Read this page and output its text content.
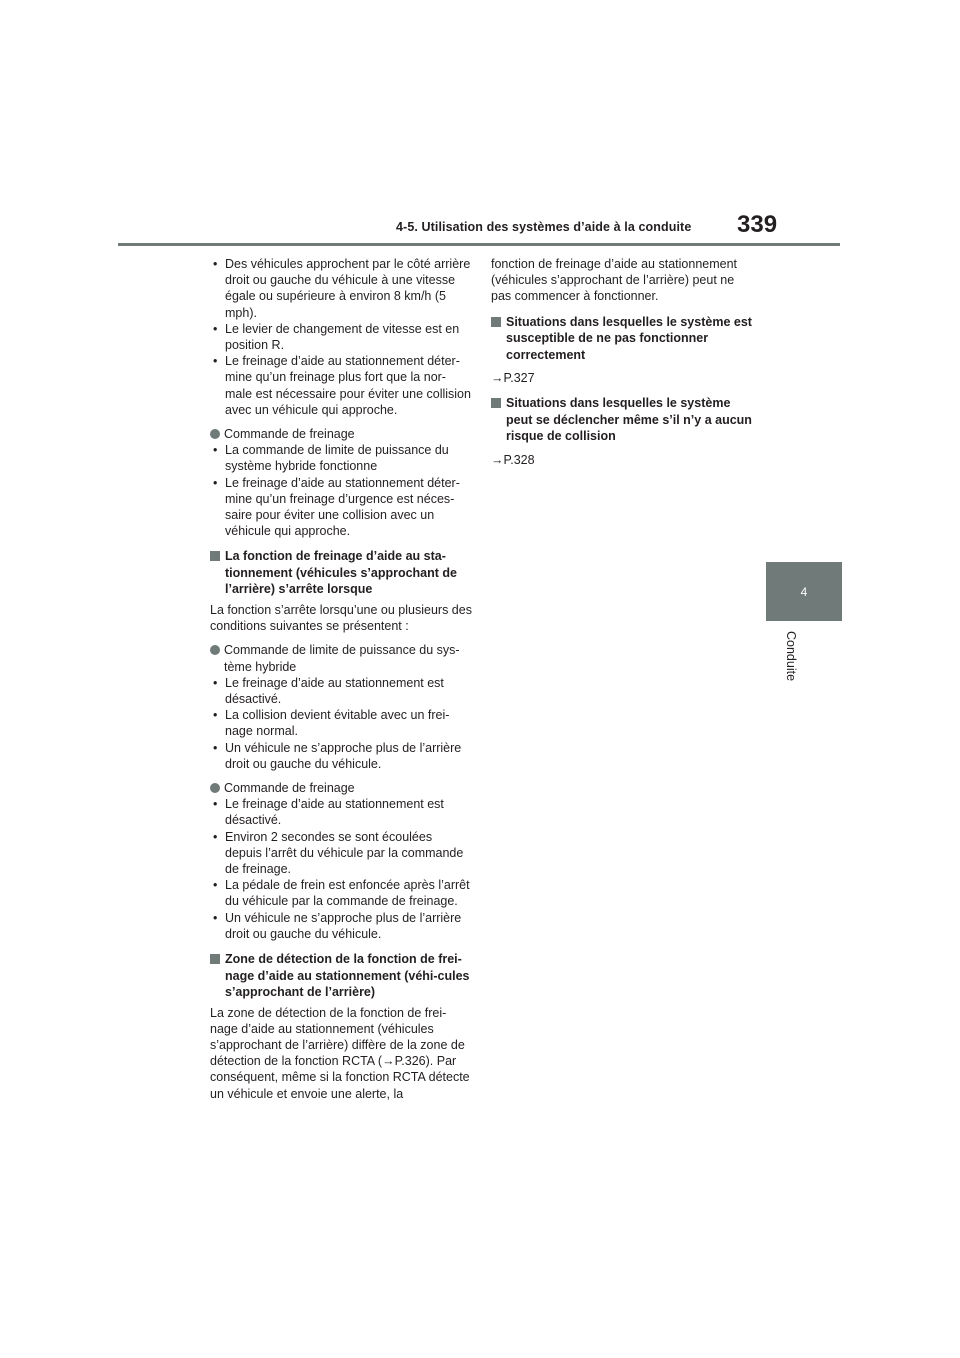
4-5. Utilisation des systèmes d’aide à la conduite 339
4
Conduite

• Des véhicules approchent par le côté arrière droit ou gauche du véhicule à une vitesse égale ou supérieure à environ 8 km/h (5 mph).

• Le levier de changement de vitesse est en position R.

• Le freinage d’aide au stationnement déter-mine qu’un freinage plus fort que la nor-male est nécessaire pour éviter une collision avec un véhicule qui approche.

Commande de freinage

• La commande de limite de puissance du système hybride fonctionne

• Le freinage d’aide au stationnement déter-mine qu’un freinage d’urgence est néces-saire pour éviter une collision avec un véhicule qui approche.

La fonction de freinage d’aide au sta-tionnement (véhicules s’approchant de l’arrière) s’arrête lorsque

La fonction s’arrête lorsqu’une ou plusieurs des conditions suivantes se présentent :

Commande de limite de puissance du sys-tème hybride

• Le freinage d’aide au stationnement est désactivé.

• La collision devient évitable avec un frei-nage normal.

• Un véhicule ne s’approche plus de l’arrière droit ou gauche du véhicule.

Commande de freinage

• Le freinage d’aide au stationnement est désactivé.

• Environ 2 secondes se sont écoulées depuis l’arrêt du véhicule par la commande de freinage.

• La pédale de frein est enfoncée après l’arrêt du véhicule par la commande de freinage.

• Un véhicule ne s’approche plus de l’arrière droit ou gauche du véhicule.

Zone de détection de la fonction de frei-nage d’aide au stationnement (véhi-cules s’approchant de l’arrière)

La zone de détection de la fonction de frei-nage d’aide au stationnement (véhicules s’approchant de l’arrière) diffère de la zone de détection de la fonction RCTA (→P.326). Par conséquent, même si la fonction RCTA détecte un véhicule et envoie une alerte, la

fonction de freinage d’aide au stationnement (véhicules s’approchant de l’arrière) peut ne pas commencer à fonctionner.

Situations dans lesquelles le système est susceptible de ne pas fonctionner correctement
→P.327
Situations dans lesquelles le système peut se déclencher même s’il n’y a aucun risque de collision
→P.328
